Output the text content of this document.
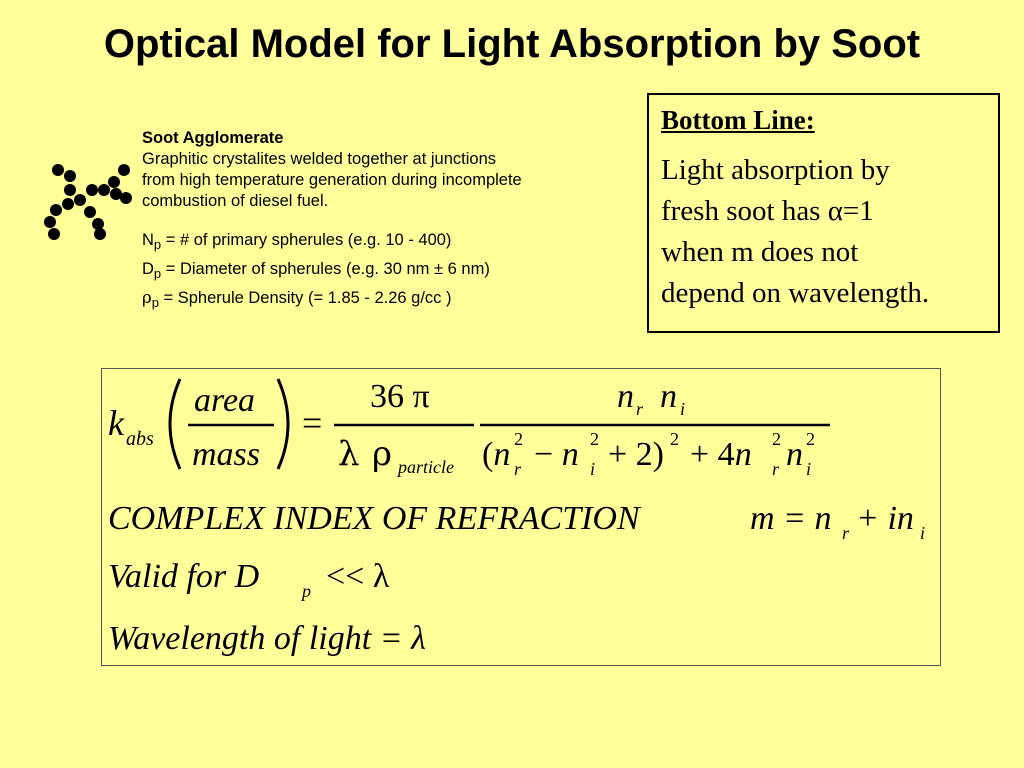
Optical Model for Light Absorption by Soot
Soot Agglomerate
Graphitic crystalites welded together at junctions
from high temperature generation during incomplete
combustion of diesel fuel.
$N_p$ = # of primary spherules (e.g. 10 - 400)
$D_p$ = Diameter of spherules (e.g. 30 nm ± 6 nm)
$\rho_p$ = Spherule Density (= 1.85 - 2.26 g/cc )
Bottom Line:
Light absorption by
fresh soot has α=1
when m does not
depend on wavelength.
k abs
area
mass
=
36 π
λ ρ particle
n r n i
(n r
2 − n i
2 + 2) 2 + 4n r
2 n i
2
COMPLEX INDEX OF REFRACTION	m = n r + in i
Valid for D p << λ
Wavelength of light = λ
